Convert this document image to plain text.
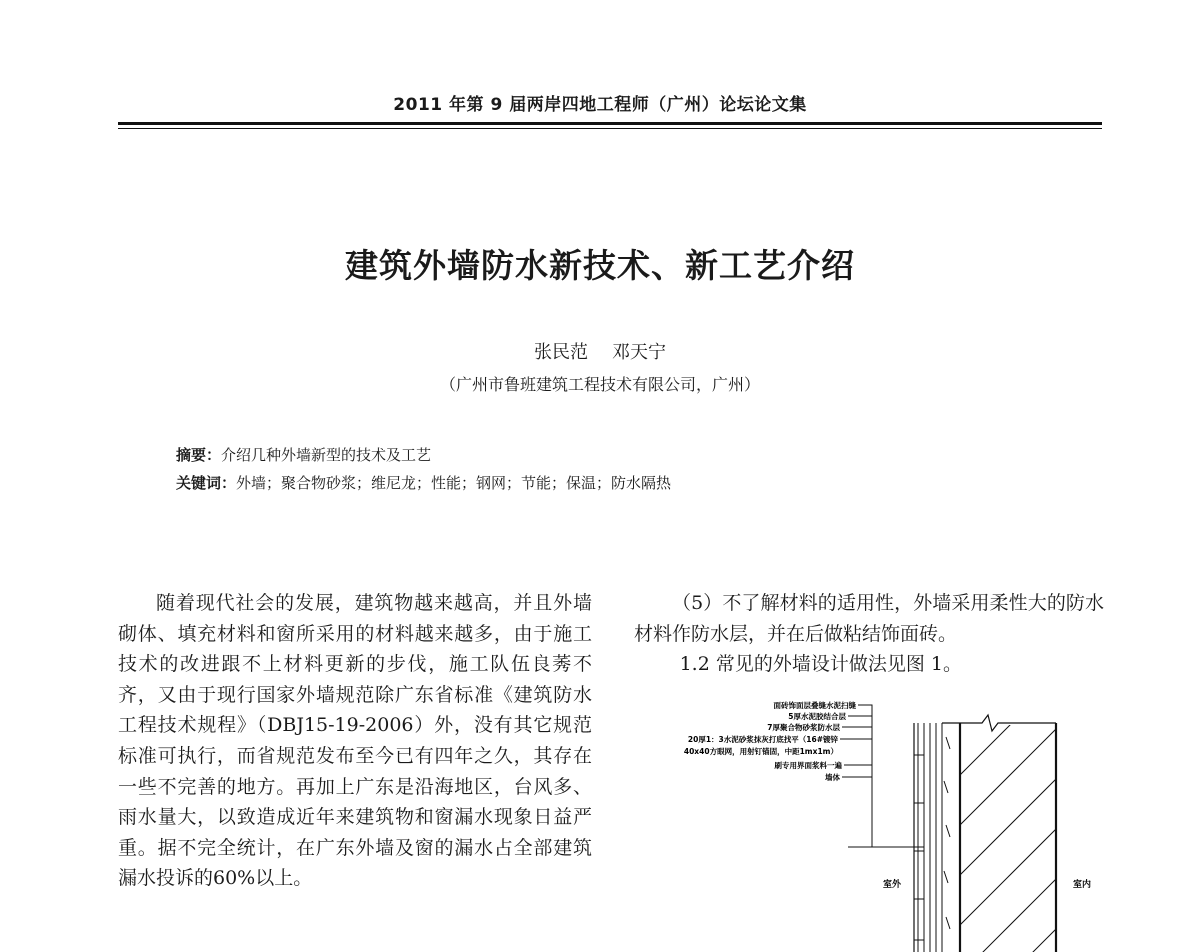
2011 年第 9 届两岸四地工程师（广州）论坛论文集
建筑外墙防水新技术、新工艺介绍
张民范 邓天宁
（广州市鲁班建筑工程技术有限公司，广州）
摘要：介绍几种外墙新型的技术及工艺
关键词：外墙；聚合物砂浆；维尼龙；性能；钢网；节能；保温；防水隔热

随着现代社会的发展，建筑物越来越高，并且外墙砌体、填充材料和窗所采用的材料越来越多，由于施工技术的改进跟不上材料更新的步伐，施工队伍良莠不齐，又由于现行国家外墙规范除广东省标准《建筑防水工程技术规程》（DBJ15-19-2006）外，没有其它规范标准可执行，而省规范发布至今已有四年之久，其存在一些不完善的地方。再加上广东是沿海地区，台风多、雨水量大，以致造成近年来建筑物和窗漏水现象日益严重。据不完全统计，在广东外墙及窗的漏水占全部建筑漏水投诉的60%以上。

（5）不了解材料的适用性，外墙采用柔性大的防水材料作防水层，并在后做粘结饰面砖。

1.2 常见的外墙设计做法见图 1。

面砖饰面层叠缝水泥扫缝
5厚水泥胶结合层
7厚聚合物砂浆防水层
20厚1：3水泥砂浆抹灰打底找平（16#镀锌
40x40方眼网，用射钉锚固，中距1mx1m）
刷专用界面浆料一遍
墙体
室外	室内
